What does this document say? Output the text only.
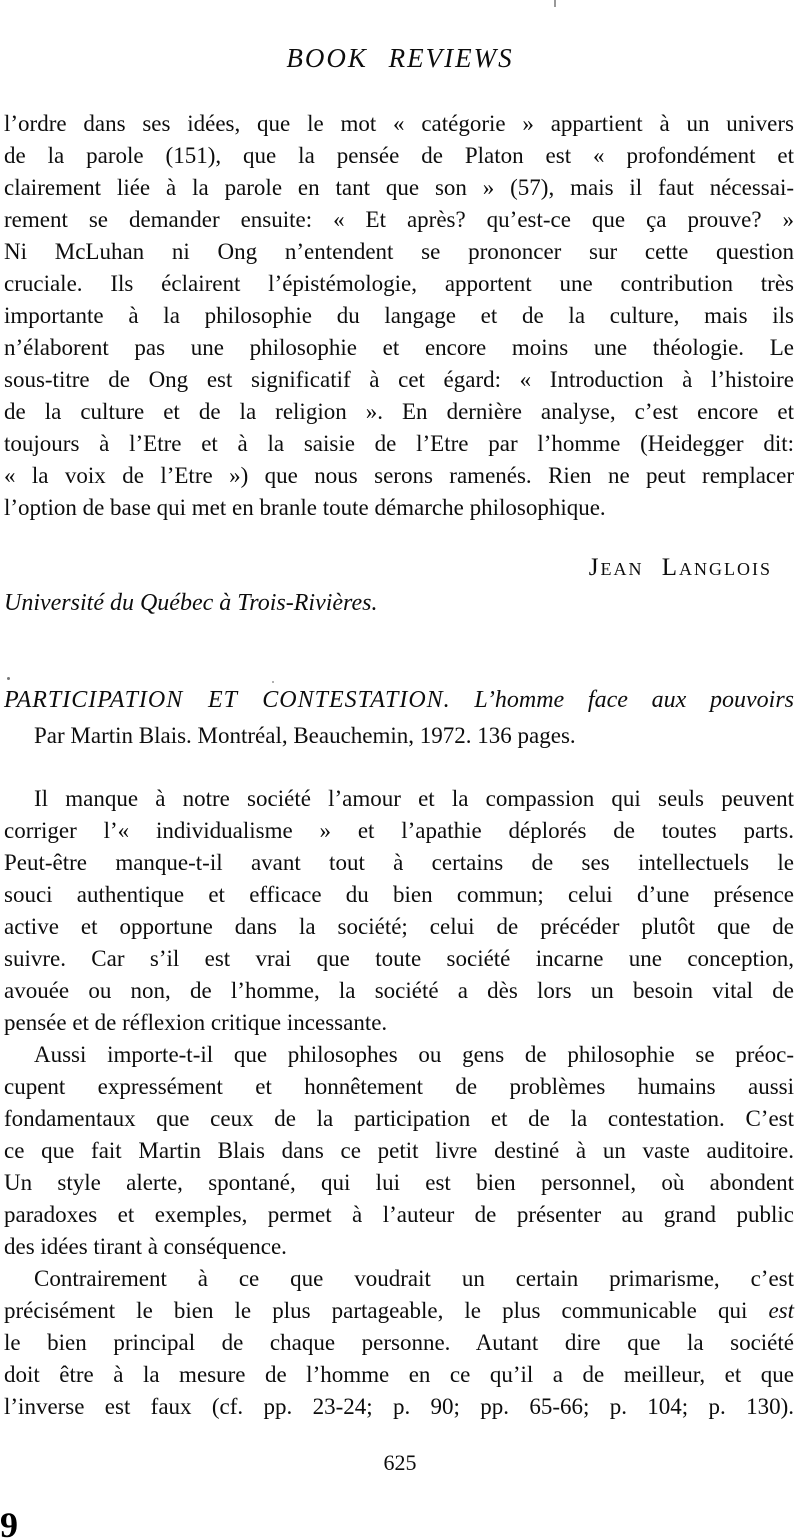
BOOK REVIEWS
l’ordre dans ses idées, que le mot « catégorie » appartient à un univers
de la parole (151), que la pensée de Platon est « profondément et
clairement liée à la parole en tant que son » (57), mais il faut nécessai-
rement se demander ensuite: « Et après? qu’est-ce que ça prouve? »
Ni McLuhan ni Ong n’entendent se prononcer sur cette question
cruciale. Ils éclairent l’épistémologie, apportent une contribution très
importante à la philosophie du langage et de la culture, mais ils
n’élaborent pas une philosophie et encore moins une théologie. Le
sous-titre de Ong est significatif à cet égard: « Introduction à l’histoire
de la culture et de la religion ». En dernière analyse, c’est encore et
toujours à l’Etre et à la saisie de l’Etre par l’homme (Heidegger dit:
« la voix de l’Etre ») que nous serons ramenés. Rien ne peut remplacer
l’option de base qui met en branle toute démarche philosophique.
Jean Langlois
Université du Québec à Trois-Rivières.
PARTICIPATION ET CONTESTATION. L’homme face aux pouvoirs
Par Martin Blais. Montréal, Beauchemin, 1972. 136 pages.
Il manque à notre société l’amour et la compassion qui seuls peuvent
corriger l’« individualisme » et l’apathie déplorés de toutes parts.
Peut-être manque-t-il avant tout à certains de ses intellectuels le
souci authentique et efficace du bien commun; celui d’une présence
active et opportune dans la société; celui de précéder plutôt que de
suivre. Car s’il est vrai que toute société incarne une conception,
avouée ou non, de l’homme, la société a dès lors un besoin vital de
pensée et de réflexion critique incessante.
Aussi importe-t-il que philosophes ou gens de philosophie se préoc-
cupent expressément et honnêtement de problèmes humains aussi
fondamentaux que ceux de la participation et de la contestation. C’est
ce que fait Martin Blais dans ce petit livre destiné à un vaste auditoire.
Un style alerte, spontané, qui lui est bien personnel, où abondent
paradoxes et exemples, permet à l’auteur de présenter au grand public
des idées tirant à conséquence.
Contrairement à ce que voudrait un certain primarisme, c’est
précisément le bien le plus partageable, le plus communicable qui est
le bien principal de chaque personne. Autant dire que la société
doit être à la mesure de l’homme en ce qu’il a de meilleur, et que
l’inverse est faux (cf. pp. 23-24; p. 90; pp. 65-66; p. 104; p. 130).
625
9
